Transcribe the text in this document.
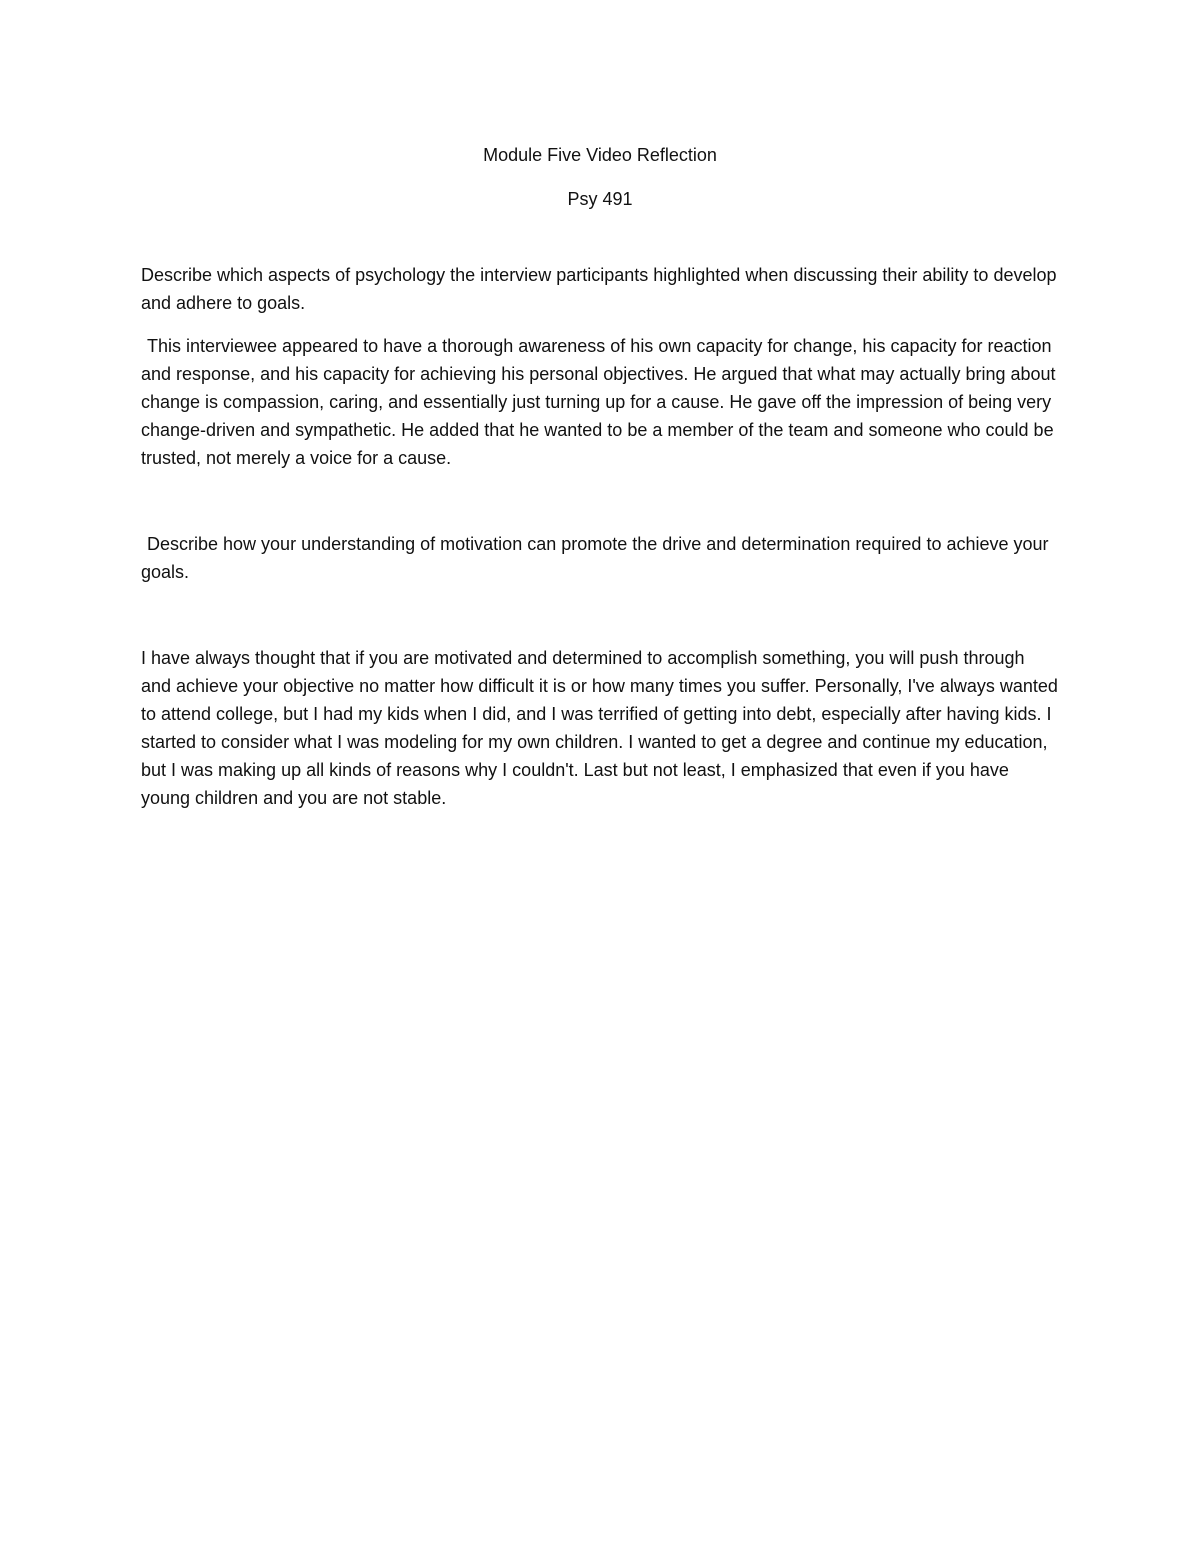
Module Five Video Reflection

Psy 491

Describe which aspects of psychology the interview participants highlighted when discussing their ability to develop and adhere to goals.

This interviewee appeared to have a thorough awareness of his own capacity for change, his capacity for reaction and response, and his capacity for achieving his personal objectives. He argued that what may actually bring about change is compassion, caring, and essentially just turning up for a cause. He gave off the impression of being very change-driven and sympathetic. He added that he wanted to be a member of the team and someone who could be trusted, not merely a voice for a cause.

Describe how your understanding of motivation can promote the drive and determination required to achieve your goals.

I have always thought that if you are motivated and determined to accomplish something, you will push through and achieve your objective no matter how difficult it is or how many times you suffer. Personally, I've always wanted to attend college, but I had my kids when I did, and I was terrified of getting into debt, especially after having kids. I started to consider what I was modeling for my own children. I wanted to get a degree and continue my education, but I was making up all kinds of reasons why I couldn't. Last but not least, I emphasized that even if you have young children and you are not stable.
